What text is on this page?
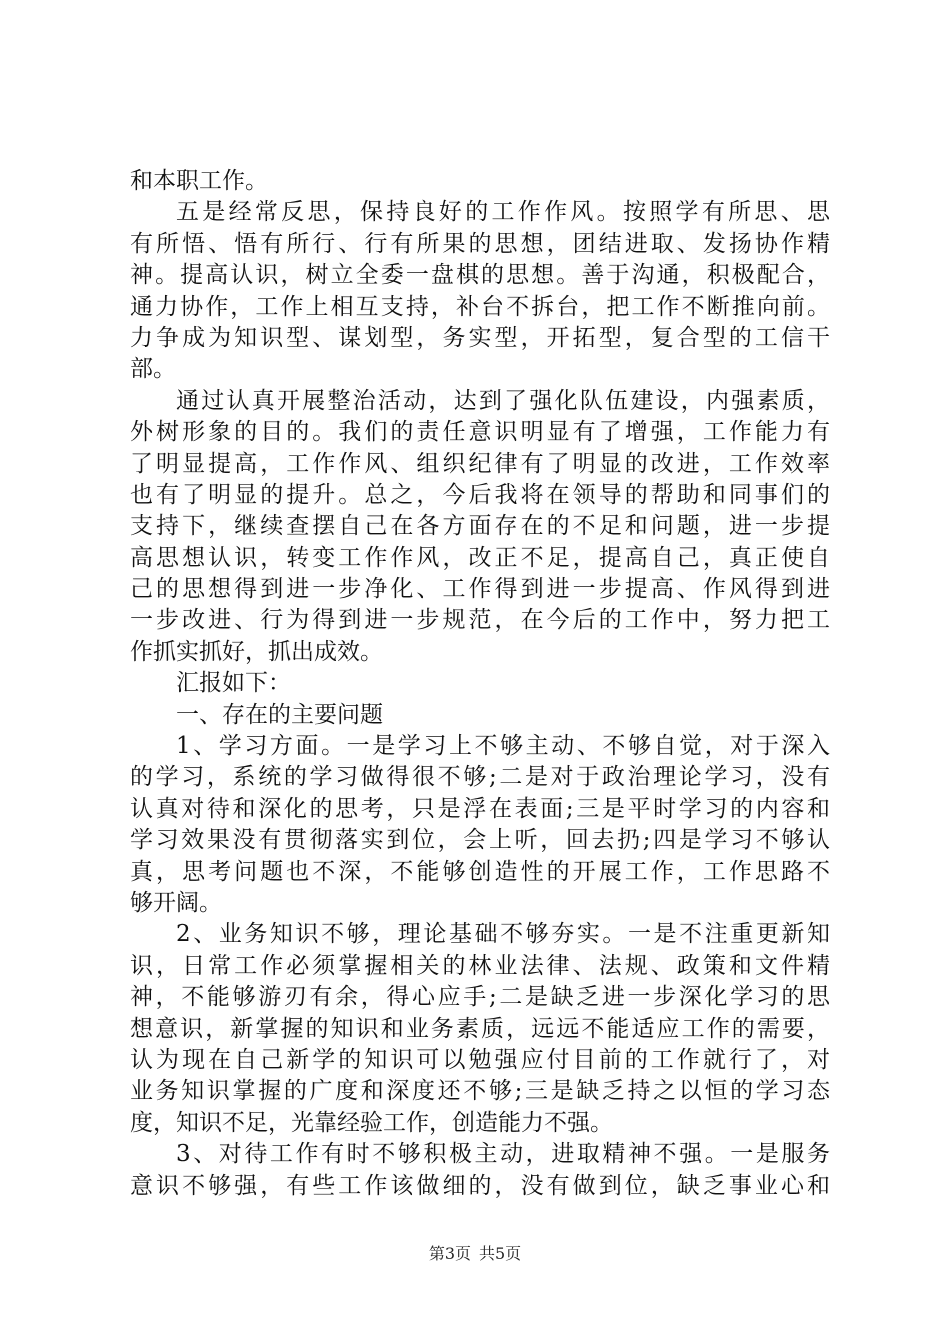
和本职工作。
五是经常反思，保持良好的工作作风。按照学有所思、思
有所悟、悟有所行、行有所果的思想，团结进取、发扬协作精
神。提高认识，树立全委一盘棋的思想。善于沟通，积极配合，
通力协作，工作上相互支持，补台不拆台，把工作不断推向前。
力争成为知识型、谋划型，务实型，开拓型，复合型的工信干
部。
通过认真开展整治活动，达到了强化队伍建设，内强素质，
外树形象的目的。我们的责任意识明显有了增强，工作能力有
了明显提高，工作作风、组织纪律有了明显的改进，工作效率
也有了明显的提升。总之，今后我将在领导的帮助和同事们的
支持下，继续查摆自己在各方面存在的不足和问题，进一步提
高思想认识，转变工作作风，改正不足，提高自己，真正使自
己的思想得到进一步净化、工作得到进一步提高、作风得到进
一步改进、行为得到进一步规范，在今后的工作中，努力把工
作抓实抓好，抓出成效。
汇报如下：
一、存在的主要问题
1、学习方面。一是学习上不够主动、不够自觉，对于深入
的学习，系统的学习做得很不够;二是对于政治理论学习，没有
认真对待和深化的思考，只是浮在表面;三是平时学习的内容和
学习效果没有贯彻落实到位，会上听，回去扔;四是学习不够认
真，思考问题也不深，不能够创造性的开展工作，工作思路不
够开阔。
2、业务知识不够，理论基础不够夯实。一是不注重更新知
识，日常工作必须掌握相关的林业法律、法规、政策和文件精
神，不能够游刃有余，得心应手;二是缺乏进一步深化学习的思
想意识，新掌握的知识和业务素质，远远不能适应工作的需要，
认为现在自己新学的知识可以勉强应付目前的工作就行了，对
业务知识掌握的广度和深度还不够;三是缺乏持之以恒的学习态
度，知识不足，光靠经验工作，创造能力不强。
3、对待工作有时不够积极主动，进取精神不强。一是服务
意识不够强，有些工作该做细的，没有做到位，缺乏事业心和
第3页 共5页
